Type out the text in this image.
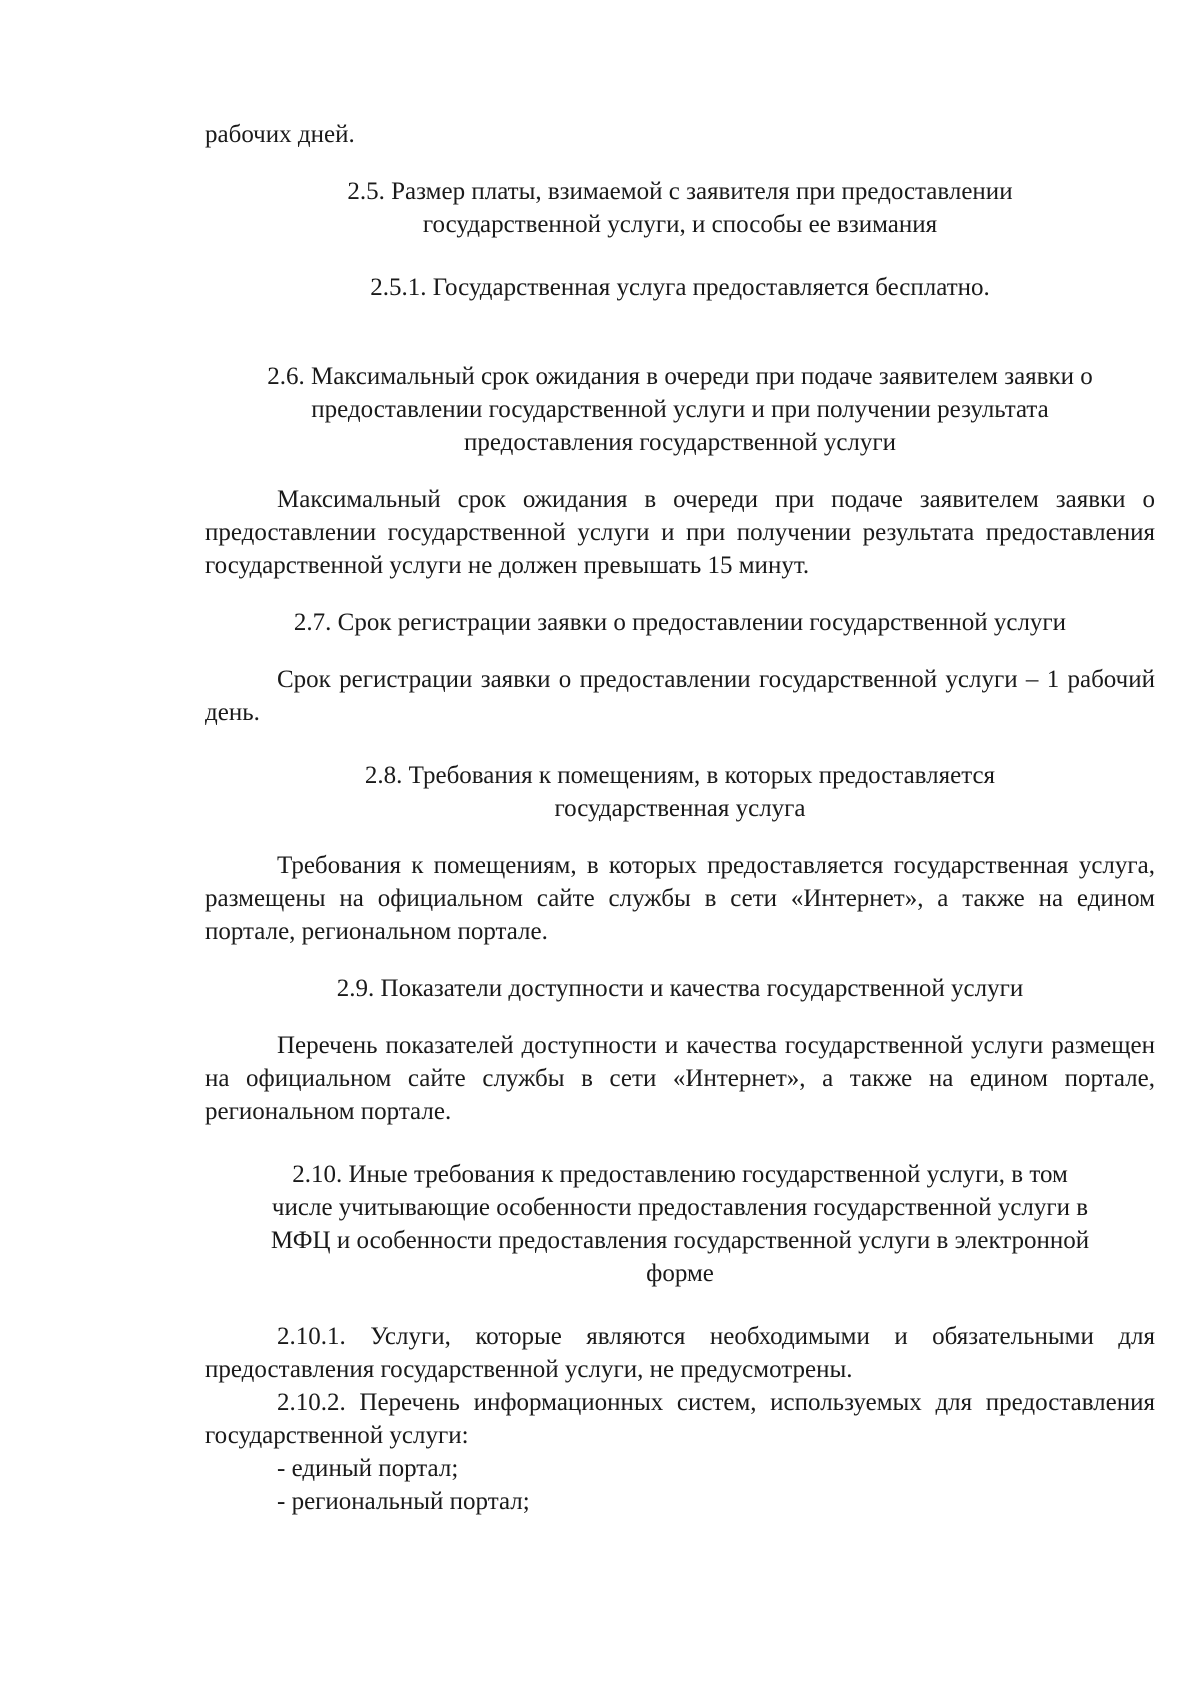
рабочих дней.

2.5. Размер платы, взимаемой с заявителя при предоставлении

государственной услуги, и способы ее взимания

2.5.1. Государственная услуга предоставляется бесплатно.

2.6. Максимальный срок ожидания в очереди при подаче заявителем заявки о

предоставлении государственной услуги и при получении результата

предоставления государственной услуги

Максимальный срок ожидания в очереди при подаче заявителем заявки о предоставлении государственной услуги и при получении результата предоставления государственной услуги не должен превышать 15 минут.

2.7. Срок регистрации заявки о предоставлении государственной услуги

Срок регистрации заявки о предоставлении государственной услуги – 1 рабочий день.

2.8. Требования к помещениям, в которых предоставляется

государственная услуга

Требования к помещениям, в которых предоставляется государственная услуга, размещены на официальном сайте службы в сети «Интернет», а также на едином портале, региональном портале.

2.9. Показатели доступности и качества государственной услуги

Перечень показателей доступности и качества государственной услуги размещен на официальном сайте службы в сети «Интернет», а также на едином портале, региональном портале.

2.10. Иные требования к предоставлению государственной услуги, в том

числе учитывающие особенности предоставления государственной услуги в

МФЦ и особенности предоставления государственной услуги в электронной

форме

2.10.1. Услуги, которые являются необходимыми и обязательными для предоставления государственной услуги, не предусмотрены.

2.10.2. Перечень информационных систем, используемых для предоставления государственной услуги:

- единый портал;

- региональный портал;
